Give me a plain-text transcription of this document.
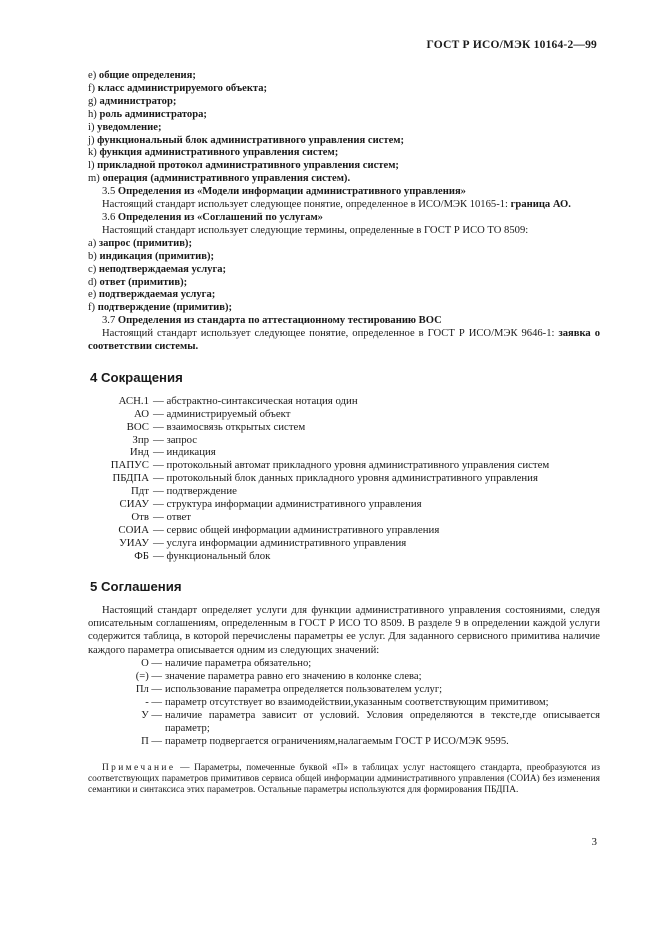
ГОСТ Р ИСО/МЭК 10164-2—99
e) общие определения;
f) класс администрируемого объекта;
g) администратор;
h) роль администратора;
i) уведомление;
j) функциональный блок административного управления систем;
k) функция административного управления систем;
l) прикладной протокол административного управления систем;
m) операция (административного управления систем).
3.5 Определения из «Модели информации административного управления»
Настоящий стандарт использует следующее понятие, определенное в ИСО/МЭК 10165-1: граница АО.
3.6 Определения из «Соглашений по услугам»
Настоящий стандарт использует следующие термины, определенные в ГОСТ Р ИСО ТО 8509:
a) запрос (примитив);
b) индикация (примитив);
c) неподтверждаемая услуга;
d) ответ (примитив);
e) подтверждаемая услуга;
f) подтверждение (примитив);
3.7 Определения из стандарта по аттестационному тестированию ВОС
Настоящий стандарт использует следующее понятие, определенное в ГОСТ Р ИСО/МЭК 9646-1: заявка о соответствии системы.
4 Сокращения
АСН.1 — абстрактно-синтаксическая нотация один
АО — администрируемый объект
ВОС — взаимосвязь открытых систем
Зпр — запрос
Инд — индикация
ПАПУС — протокольный автомат прикладного уровня административного управления систем
ПБДПА — протокольный блок данных прикладного уровня административного управления
Пдт — подтверждение
СИАУ — структура информации административного управления
Отв — ответ
СОИА — сервис общей информации административного управления
УИАУ — услуга информации административного управления
ФБ — функциональный блок
5 Соглашения
Настоящий стандарт определяет услуги для функции административного управления состояниями, следуя описательным соглашениям, определенным в ГОСТ Р ИСО ТО 8509. В разделе 9 в определении каждой услуги содержится таблица, в которой перечислены параметры ее услуг. Для заданного сервисного примитива наличие каждого параметра описывается одним из следующих значений:
О — наличие параметра обязательно;
(=) — значение параметра равно его значению в колонке слева;
Пл — использование параметра определяется пользователем услуг;
- — параметр отсутствует во взаимодействии,указанным соответствующим примитивом;
У — наличие параметра зависит от условий. Условия определяются в тексте,где описывается параметр;
П — параметр подвергается ограничениям,налагаемым ГОСТ Р ИСО/МЭК 9595.
Примечание — Параметры, помеченные буквой «П» в таблицах услуг настоящего стандарта, преобразуются из соответствующих параметров примитивов сервиса общей информации административного управления (СОИА) без изменения семантики и синтаксиса этих параметров. Остальные параметры используются для формирования ПБДПА.
3
